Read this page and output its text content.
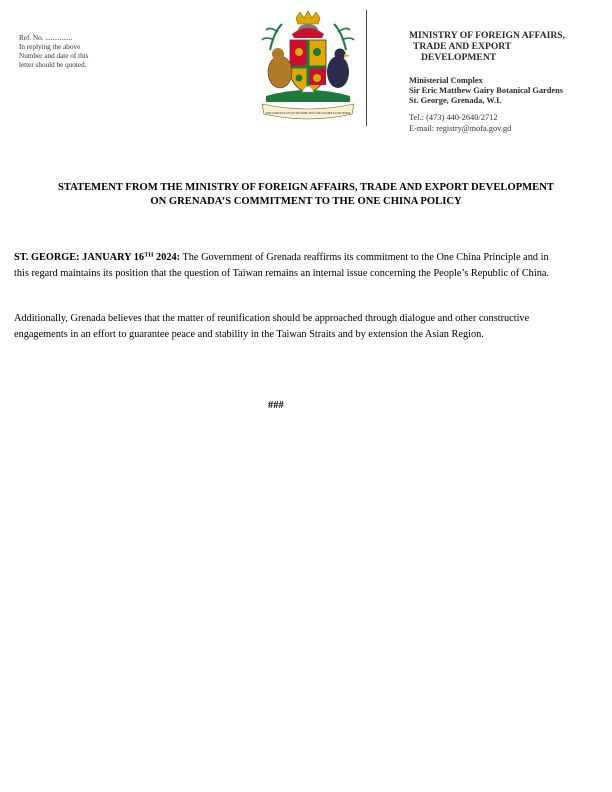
Ref. No. ...............
In replying the above
Number and date of this
letter should be quoted.
EVER CONSCIOUS OF GOD WE ASPIRE, BUILD AND ADVANCE AS ONE PEOPLE
MINISTRY OF FOREIGN AFFAIRS,
TRADE AND EXPORT
DEVELOPMENT
Ministerial Complex
Sir Eric Matthew Gairy Botanical Gardens
St. George, Grenada, W.I.
Tel.: (473) 440-2640/2712
E-mail: registry@mofa.gov.gd
STATEMENT FROM THE MINISTRY OF FOREIGN AFFAIRS, TRADE AND EXPORT DEVELOPMENT
ON GRENADA’S COMMITMENT TO THE ONE CHINA POLICY
ST. GEORGE: JANUARY 16TH 2024: The Government of Grenada reaffirms its commitment to the One China Principle and in this regard maintains its position that the question of Taiwan remains an internal issue concerning the People’s Republic of China.
Additionally, Grenada believes that the matter of reunification should be approached through dialogue and other constructive engagements in an effort to guarantee peace and stability in the Taiwan Straits and by extension the Asian Region.
###
